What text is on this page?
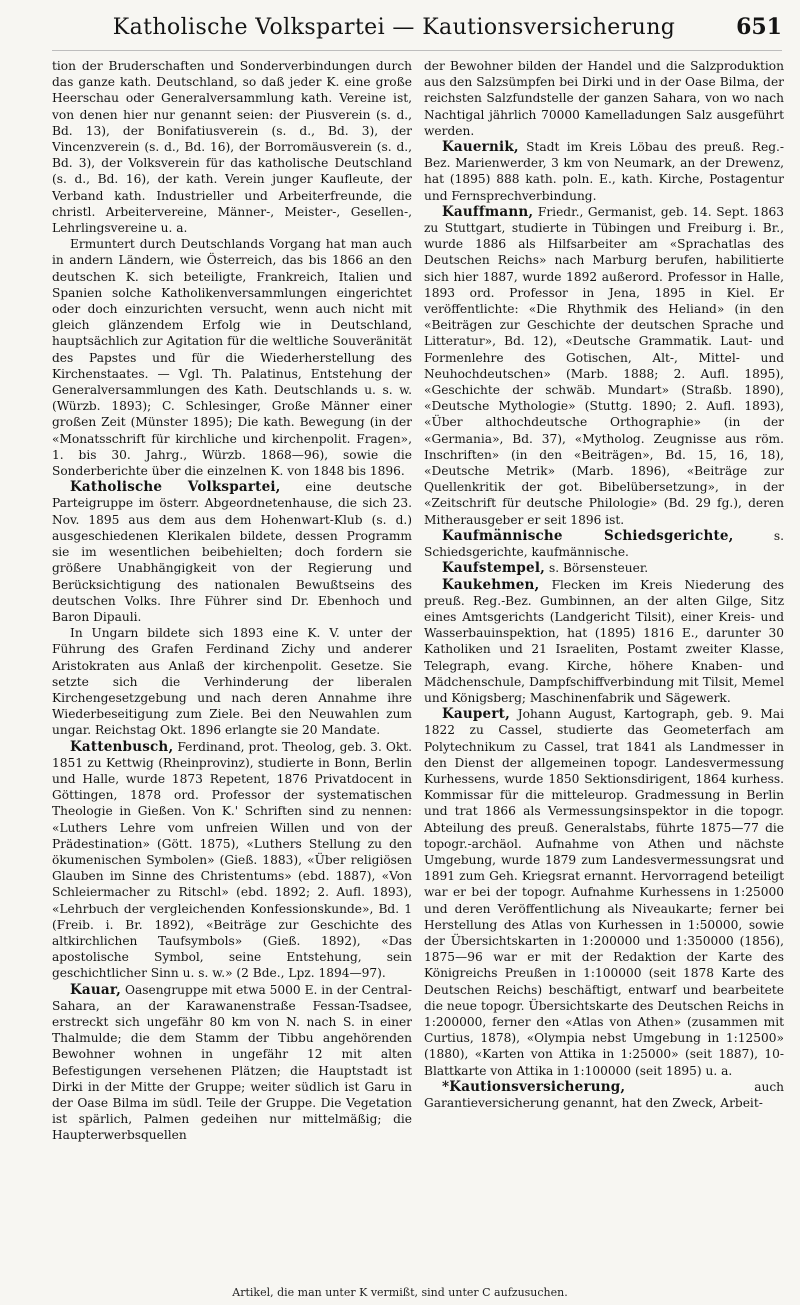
Katholische Volkspartei — Kautionsversicherung	651

tion der Bruderschaften und Sonderverbindungen durch das ganze kath. Deutschland, so daß jeder K. eine große Heerschau oder Generalversammlung kath. Vereine ist, von denen hier nur genannt seien: der Piusverein (s. d., Bd. 13), der Bonifatiusverein (s. d., Bd. 3), der Vincenzverein (s. d., Bd. 16), der Borromäusverein (s. d., Bd. 3), der Volksverein für das katholische Deutschland (s. d., Bd. 16), der kath. Verein junger Kaufleute, der Verband kath. Industrieller und Arbeiterfreunde, die christl. Arbeitervereine, Männer-, Meister-, Gesellen-, Lehrlingsvereine u. a.

Ermuntert durch Deutschlands Vorgang hat man auch in andern Ländern, wie Österreich, das bis 1866 an den deutschen K. sich beteiligte, Frankreich, Italien und Spanien solche Katholikenversammlungen eingerichtet oder doch einzurichten versucht, wenn auch nicht mit gleich glänzendem Erfolg wie in Deutschland, hauptsächlich zur Agitation für die weltliche Souveränität des Papstes und für die Wiederherstellung des Kirchenstaates. — Vgl. Th. Palatinus, Entstehung der Generalversammlungen des Kath. Deutschlands u. s. w. (Würzb. 1893); C. Schlesinger, Große Männer einer großen Zeit (Münster 1895); Die kath. Bewegung (in der «Monatsschrift für kirchliche und kirchenpolit. Fragen», 1. bis 30. Jahrg., Würzb. 1868—96), sowie die Sonderberichte über die einzelnen K. von 1848 bis 1896.

Katholische Volkspartei, eine deutsche Parteigruppe im österr. Abgeordnetenhause, die sich 23. Nov. 1895 aus dem aus dem Hohenwart-Klub (s. d.) ausgeschiedenen Klerikalen bildete, dessen Programm sie im wesentlichen beibehielten; doch fordern sie größere Unabhängigkeit von der Regierung und Berücksichtigung des nationalen Bewußtseins des deutschen Volks. Ihre Führer sind Dr. Ebenhoch und Baron Dipauli.

In Ungarn bildete sich 1893 eine K. V. unter der Führung des Grafen Ferdinand Zichy und anderer Aristokraten aus Anlaß der kirchenpolit. Gesetze. Sie setzte sich die Verhinderung der liberalen Kirchengesetzgebung und nach deren Annahme ihre Wiederbeseitigung zum Ziele. Bei den Neuwahlen zum ungar. Reichstag Okt. 1896 erlangte sie 20 Mandate.

Kattenbusch, Ferdinand, prot. Theolog, geb. 3. Okt. 1851 zu Kettwig (Rheinprovinz), studierte in Bonn, Berlin und Halle, wurde 1873 Repetent, 1876 Privatdocent in Göttingen, 1878 ord. Professor der systematischen Theologie in Gießen. Von K.' Schriften sind zu nennen: «Luthers Lehre vom unfreien Willen und von der Prädestination» (Gött. 1875), «Luthers Stellung zu den ökumenischen Symbolen» (Gieß. 1883), «Über religiösen Glauben im Sinne des Christentums» (ebd. 1887), «Von Schleiermacher zu Ritschl» (ebd. 1892; 2. Aufl. 1893), «Lehrbuch der vergleichenden Konfessionskunde», Bd. 1 (Freib. i. Br. 1892), «Beiträge zur Geschichte des altkirchlichen Taufsymbols» (Gieß. 1892), «Das apostolische Symbol, seine Entstehung, sein geschichtlicher Sinn u. s. w.» (2 Bde., Lpz. 1894—97).

Kauar, Oasengruppe mit etwa 5000 E. in der Central-Sahara, an der Karawanenstraße Fessan-Tsadsee, erstreckt sich ungefähr 80 km von N. nach S. in einer Thalmulde; die dem Stamm der Tibbu angehörenden Bewohner wohnen in ungefähr 12 mit alten Befestigungen versehenen Plätzen; die Hauptstadt ist Dirki in der Mitte der Gruppe; weiter südlich ist Garu in der Oase Bilma im südl. Teile der Gruppe. Die Vegetation ist spärlich, Palmen gedeihen nur mittelmäßig; die Haupterwerbsquellen

der Bewohner bilden der Handel und die Salzproduktion aus den Salzsümpfen bei Dirki und in der Oase Bilma, der reichsten Salzfundstelle der ganzen Sahara, von wo nach Nachtigal jährlich 70000 Kamelladungen Salz ausgeführt werden.

Kauernik, Stadt im Kreis Löbau des preuß. Reg.-Bez. Marienwerder, 3 km von Neumark, an der Drewenz, hat (1895) 888 kath. poln. E., kath. Kirche, Postagentur und Fernsprechverbindung.

Kauffmann, Friedr., Germanist, geb. 14. Sept. 1863 zu Stuttgart, studierte in Tübingen und Freiburg i. Br., wurde 1886 als Hilfsarbeiter am «Sprachatlas des Deutschen Reichs» nach Marburg berufen, habilitierte sich hier 1887, wurde 1892 außerord. Professor in Halle, 1893 ord. Professor in Jena, 1895 in Kiel. Er veröffentlichte: «Die Rhythmik des Heliand» (in den «Beiträgen zur Geschichte der deutschen Sprache und Litteratur», Bd. 12), «Deutsche Grammatik. Laut- und Formenlehre des Gotischen, Alt-, Mittel- und Neuhochdeutschen» (Marb. 1888; 2. Aufl. 1895), «Geschichte der schwäb. Mundart» (Straßb. 1890), «Deutsche Mythologie» (Stuttg. 1890; 2. Aufl. 1893), «Über althochdeutsche Orthographie» (in der «Germania», Bd. 37), «Mytholog. Zeugnisse aus röm. Inschriften» (in den «Beiträgen», Bd. 15, 16, 18), «Deutsche Metrik» (Marb. 1896), «Beiträge zur Quellenkritik der got. Bibelübersetzung», in der «Zeitschrift für deutsche Philologie» (Bd. 29 fg.), deren Mitherausgeber er seit 1896 ist.

Kaufmännische Schiedsgerichte, s. Schiedsgerichte, kaufmännische.

Kaufstempel, s. Börsensteuer.

Kaukehmen, Flecken im Kreis Niederung des preuß. Reg.-Bez. Gumbinnen, an der alten Gilge, Sitz eines Amtsgerichts (Landgericht Tilsit), einer Kreis- und Wasserbauinspektion, hat (1895) 1816 E., darunter 30 Katholiken und 21 Israeliten, Postamt zweiter Klasse, Telegraph, evang. Kirche, höhere Knaben- und Mädchenschule, Dampfschiffverbindung mit Tilsit, Memel und Königsberg; Maschinenfabrik und Sägewerk.

Kaupert, Johann August, Kartograph, geb. 9. Mai 1822 zu Cassel, studierte das Geometerfach am Polytechnikum zu Cassel, trat 1841 als Landmesser in den Dienst der allgemeinen topogr. Landesvermessung Kurhessens, wurde 1850 Sektionsdirigent, 1864 kurhess. Kommissar für die mitteleurop. Gradmessung in Berlin und trat 1866 als Vermessungsinspektor in die topogr. Abteilung des preuß. Generalstabs, führte 1875—77 die topogr.-archäol. Aufnahme von Athen und nächste Umgebung, wurde 1879 zum Landesvermessungsrat und 1891 zum Geh. Kriegsrat ernannt. Hervorragend beteiligt war er bei der topogr. Aufnahme Kurhessens in 1:25000 und deren Veröffentlichung als Niveaukarte; ferner bei Herstellung des Atlas von Kurhessen in 1:50000, sowie der Übersichtskarten in 1:200000 und 1:350000 (1856), 1875—96 war er mit der Redaktion der Karte des Königreichs Preußen in 1:100000 (seit 1878 Karte des Deutschen Reichs) beschäftigt, entwarf und bearbeitete die neue topogr. Übersichtskarte des Deutschen Reichs in 1:200000, ferner den «Atlas von Athen» (zusammen mit Curtius, 1878), «Olympia nebst Umgebung in 1:12500» (1880), «Karten von Attika in 1:25000» (seit 1887), 10-Blattkarte von Attika in 1:100000 (seit 1895) u. a.

*Kautionsversicherung, auch Garantieversicherung genannt, hat den Zweck, Arbeit-

Artikel, die man unter K vermißt, sind unter C aufzusuchen.
